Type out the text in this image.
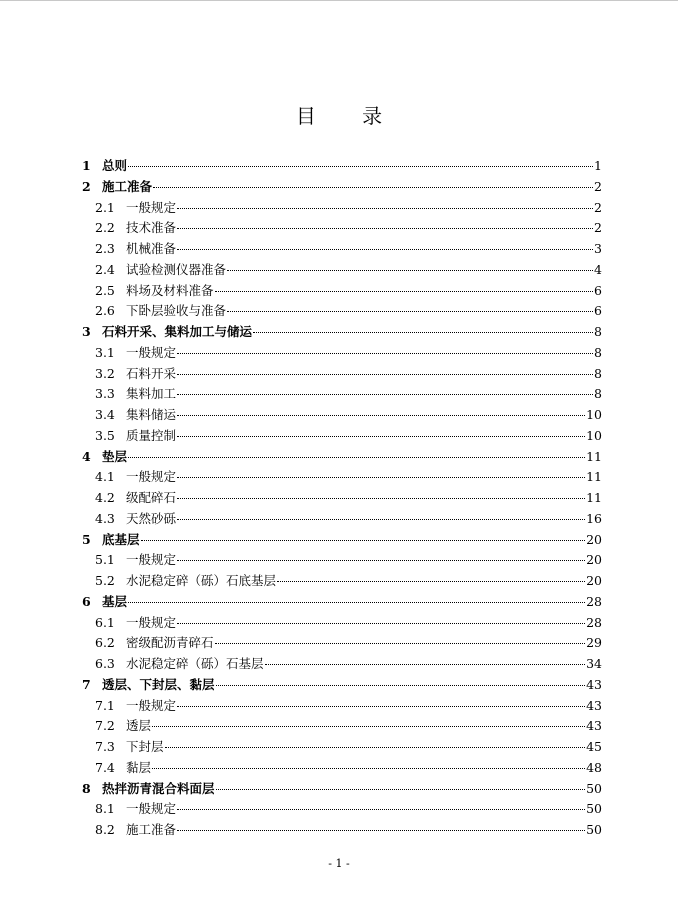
目 录
1 总则	1
2 施工准备	2
2.1 一般规定	2
2.2 技术准备	2
2.3 机械准备	3
2.4 试验检测仪器准备	4
2.5 料场及材料准备	6
2.6 下卧层验收与准备	6
3 石料开采、集料加工与储运	8
3.1 一般规定	8
3.2 石料开采	8
3.3 集料加工	8
3.4 集料储运	10
3.5 质量控制	10
4 垫层	11
4.1 一般规定	11
4.2 级配碎石	11
4.3 天然砂砾	16
5 底基层	20
5.1 一般规定	20
5.2 水泥稳定碎（砾）石底基层	20
6 基层	28
6.1 一般规定	28
6.2 密级配沥青碎石	29
6.3 水泥稳定碎（砾）石基层	34
7 透层、下封层、黏层	43
7.1 一般规定	43
7.2 透层	43
7.3 下封层	45
7.4 黏层	48
8 热拌沥青混合料面层	50
8.1 一般规定	50
8.2 施工准备	50
- 1 -
